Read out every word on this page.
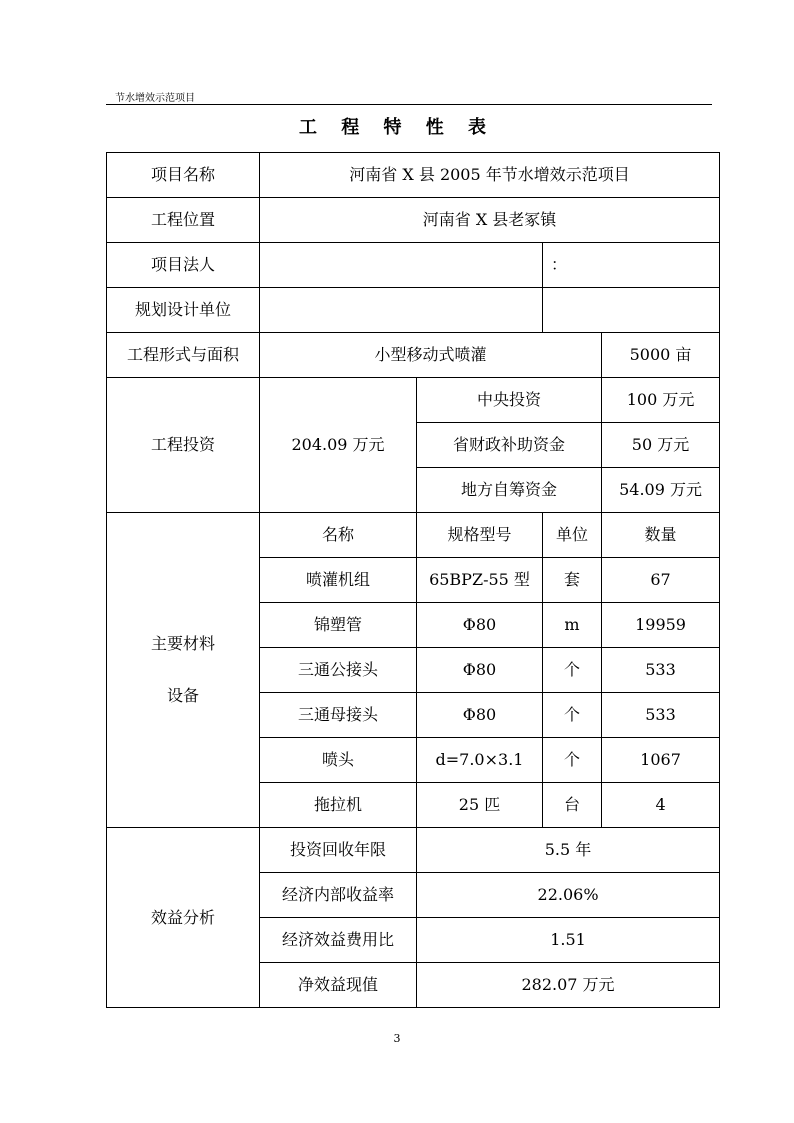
节水增效示范项目
工 程 特 性 表
项目名称	河南省 X 县 2005 年节水增效示范项目			
工程位置	河南省 X 县老冢镇			
项目法人			：	
规划设计单位				
工程形式与面积	小型移动式喷灌			5000 亩
工程投资	204.09 万元	中央投资		100 万元
		省财政补助资金		50 万元
		地方自筹资金		54.09 万元

主要材料
设备	名称	规格型号	单位	数量
	喷灌机组	65BPZ-55 型	套	67
	锦塑管	Φ80	m	19959
	三通公接头	Φ80	个	533
	三通母接头	Φ80	个	533
	喷头	d=7.0×3.1	个	1067
	拖拉机	25 匹	台	4
效益分析	投资回收年限	5.5 年		
	经济内部收益率	22.06%		
	经济效益费用比	1.51		
	净效益现值	282.07 万元		
3
